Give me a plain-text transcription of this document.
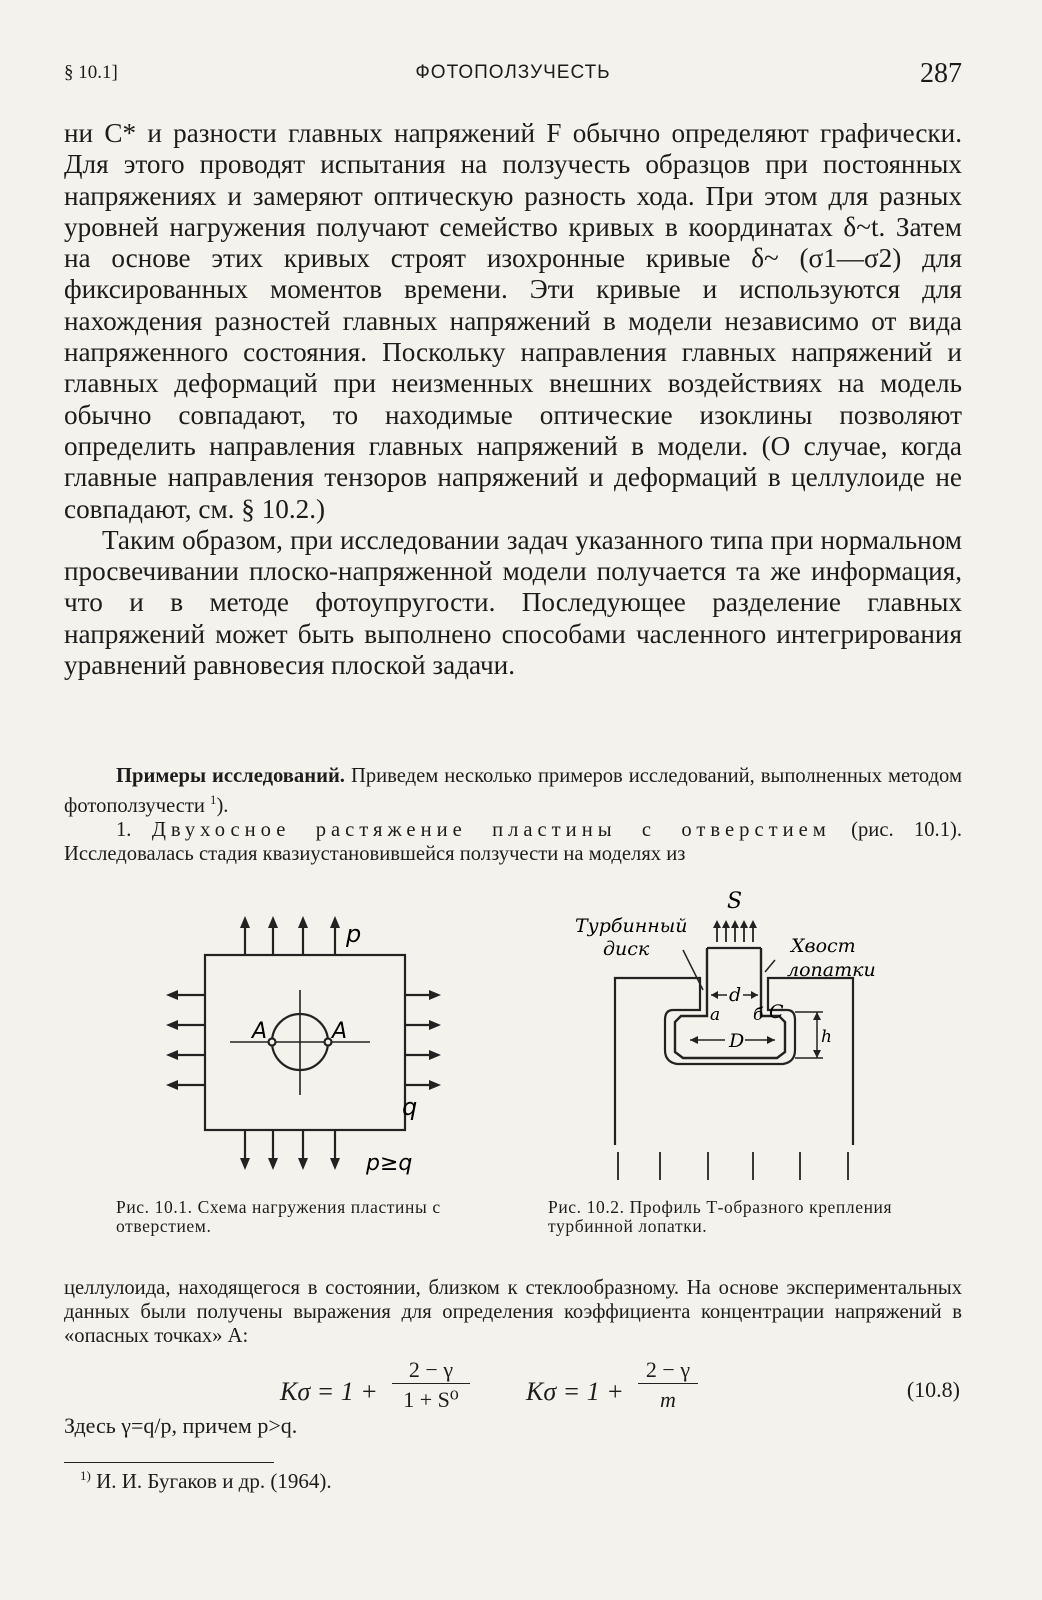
§ 10.1]	ФОТОПОЛЗУЧЕСТЬ	287

ни C* и разности главных напряжений F обычно определяют графически. Для этого проводят испытания на ползучесть образцов при постоянных напряжениях и замеряют оптическую разность хода. При этом для разных уровней нагружения получают семейство кривых в координатах δ~t. Затем на основе этих кривых строят изохронные кривые δ~ (σ1—σ2) для фиксированных моментов времени. Эти кривые и используются для нахождения разностей главных напряжений в модели независимо от вида напряженного состояния. Поскольку направления главных напряжений и главных деформаций при неизменных внешних воздействиях на модель обычно совпадают, то находимые оптические изоклины позволяют определить направления главных напряжений в модели. (О случае, когда главные направления тензоров напряжений и деформаций в целлулоиде не совпадают, см. § 10.2.)

Таким образом, при исследовании задач указанного типа при нормальном просвечивании плоско-напряженной модели получается та же информация, что и в методе фотоупругости. Последующее разделение главных напряжений может быть выполнено способами часленного интегрирования уравнений равновесия плоской задачи.

Примеры исследований. Приведем несколько примеров исследований, выполненных методом фотоползучести $^1$).

1. Двухосное растяжение пластины с отверстием (рис. 10.1). Исследовалась стадия квазиустановившейся ползучести на моделях из

p
A	A
q
p≥q
Рис. 10.1. Схема нагружения пластины с отверстием.
S
Турбинный
диск	Хвост
лопатки
d
а б С
D	h
Рис. 10.2. Профиль Т-образного крепления турбинной лопатки.

целлулоида, находящегося в состоянии, близком к стеклообразному. На основе экспериментальных данных были получены выражения для определения коэффициента концентрации напряжений в «опасных точках» A:

Kσ = 1 +
2 − γ
1 + S⁰	Kσ = 1 +
2 − γ
m	(10.8)
Здесь γ=q/p, причем p>q.
$^{1)}$ И. И. Бугаков и др. (1964).
